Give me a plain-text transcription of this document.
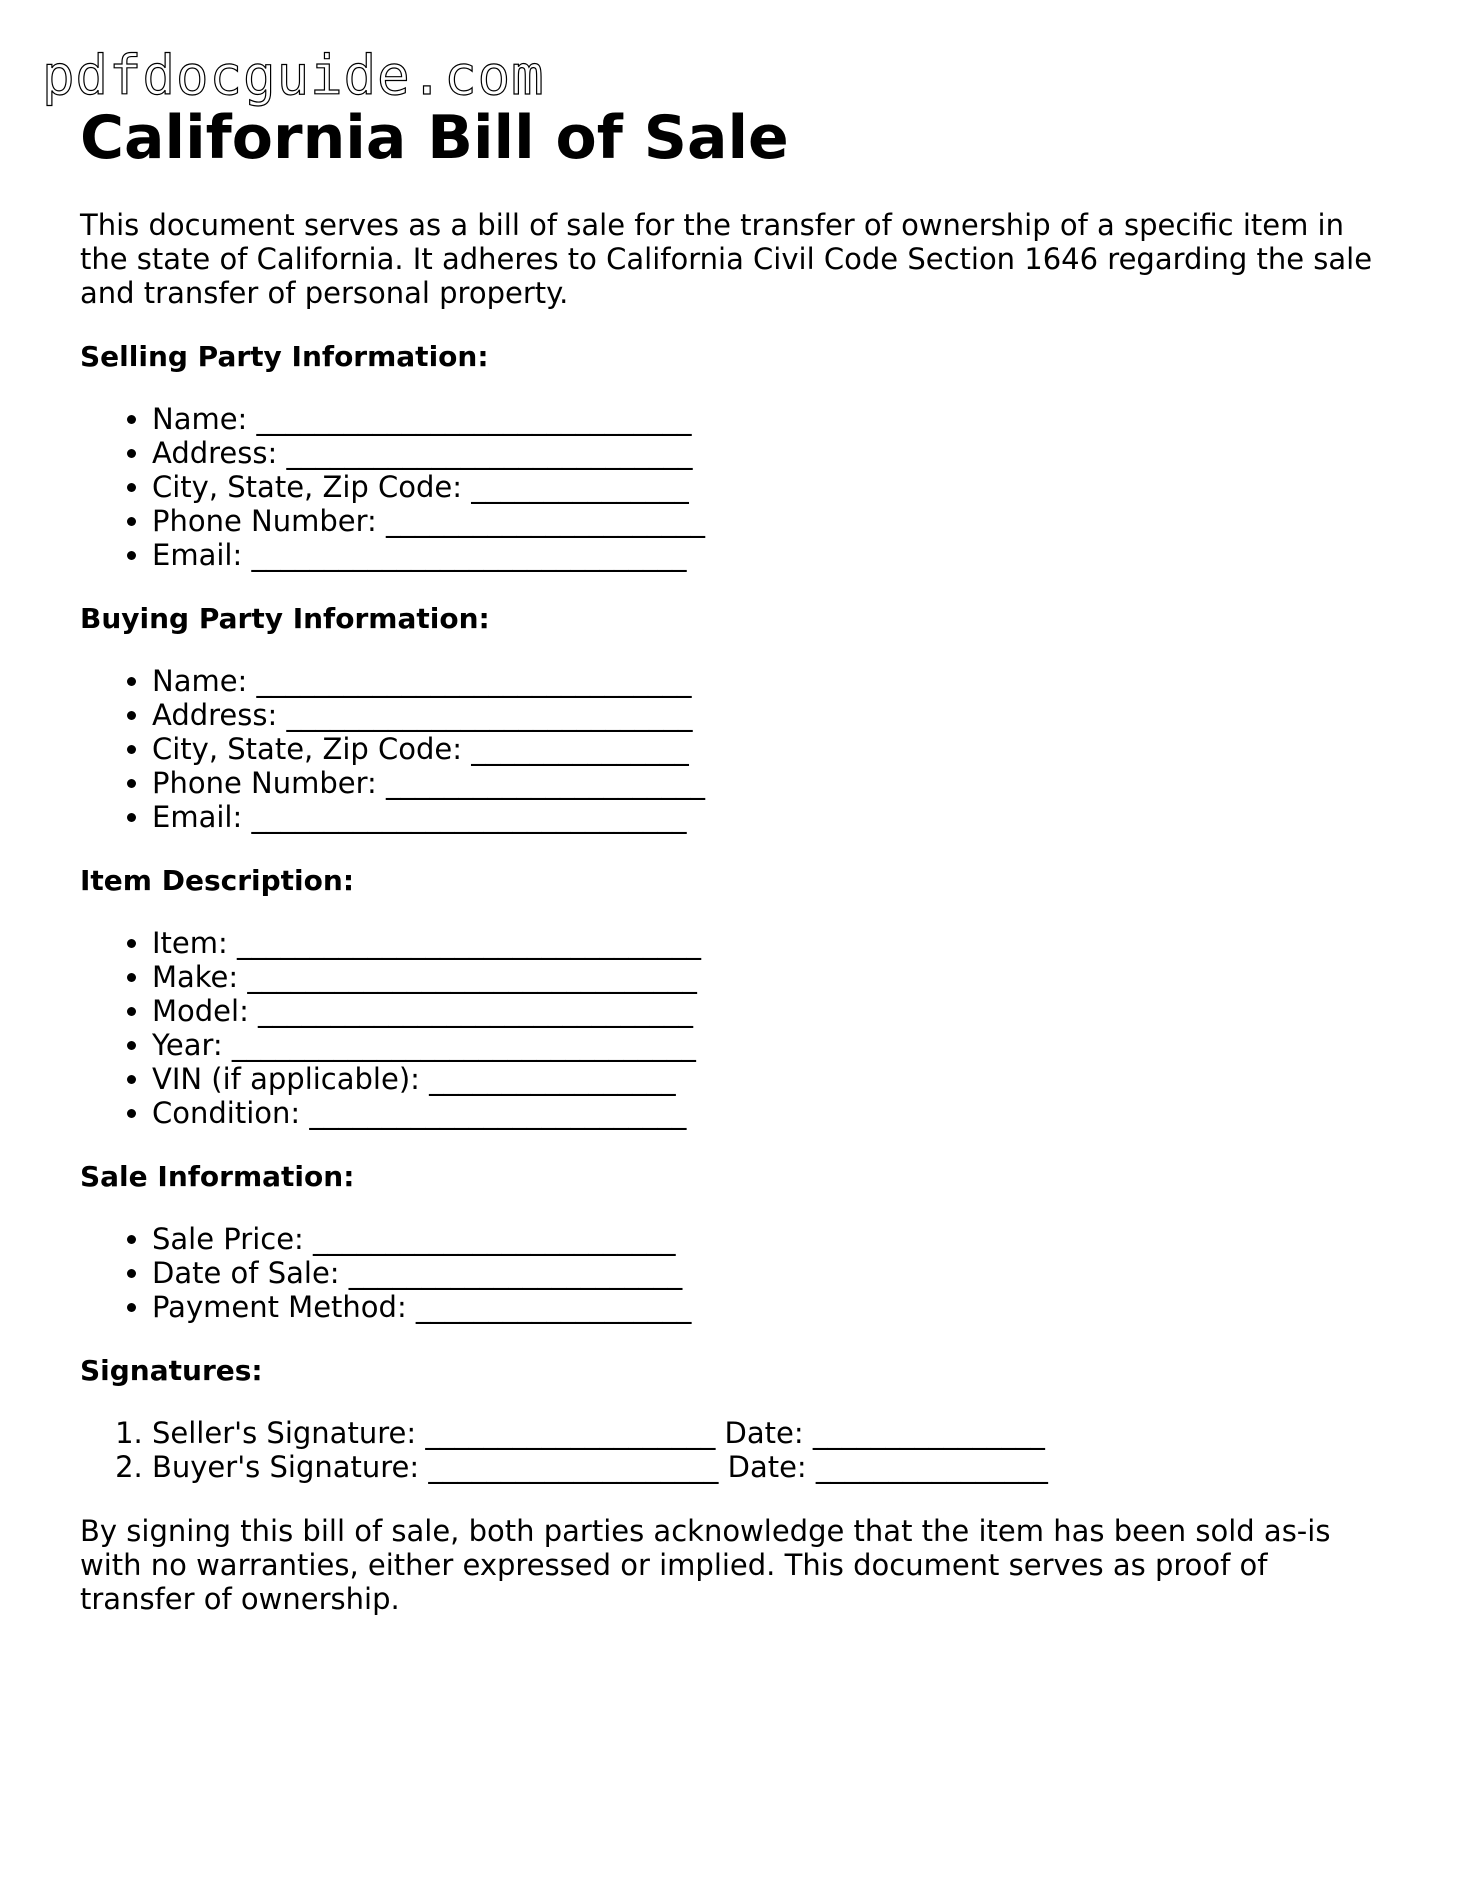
pdfdocguide.com
California Bill of Sale

This document serves as a bill of sale for the transfer of ownership of a specific item in the state of California. It adheres to California Civil Code Section 1646 regarding the sale and transfer of personal property.

Selling Party Information:
• Name: ______________________________
• Address: ____________________________
• City, State, Zip Code: _______________
• Phone Number: ______________________
• Email: ______________________________
Buying Party Information:
• Name: ______________________________
• Address: ____________________________
• City, State, Zip Code: _______________
• Phone Number: ______________________
• Email: ______________________________
Item Description:
• Item: ________________________________
• Make: _______________________________
• Model: ______________________________
• Year: ________________________________
• VIN (if applicable): _________________
• Condition: __________________________
Sale Information:
• Sale Price: _________________________
• Date of Sale: _______________________
• Payment Method: ___________________
Signatures:
1. Seller's Signature: ____________________ Date: ________________
2. Buyer's Signature: ____________________ Date: ________________

By signing this bill of sale, both parties acknowledge that the item has been sold as-is with no warranties, either expressed or implied. This document serves as proof of transfer of ownership.
